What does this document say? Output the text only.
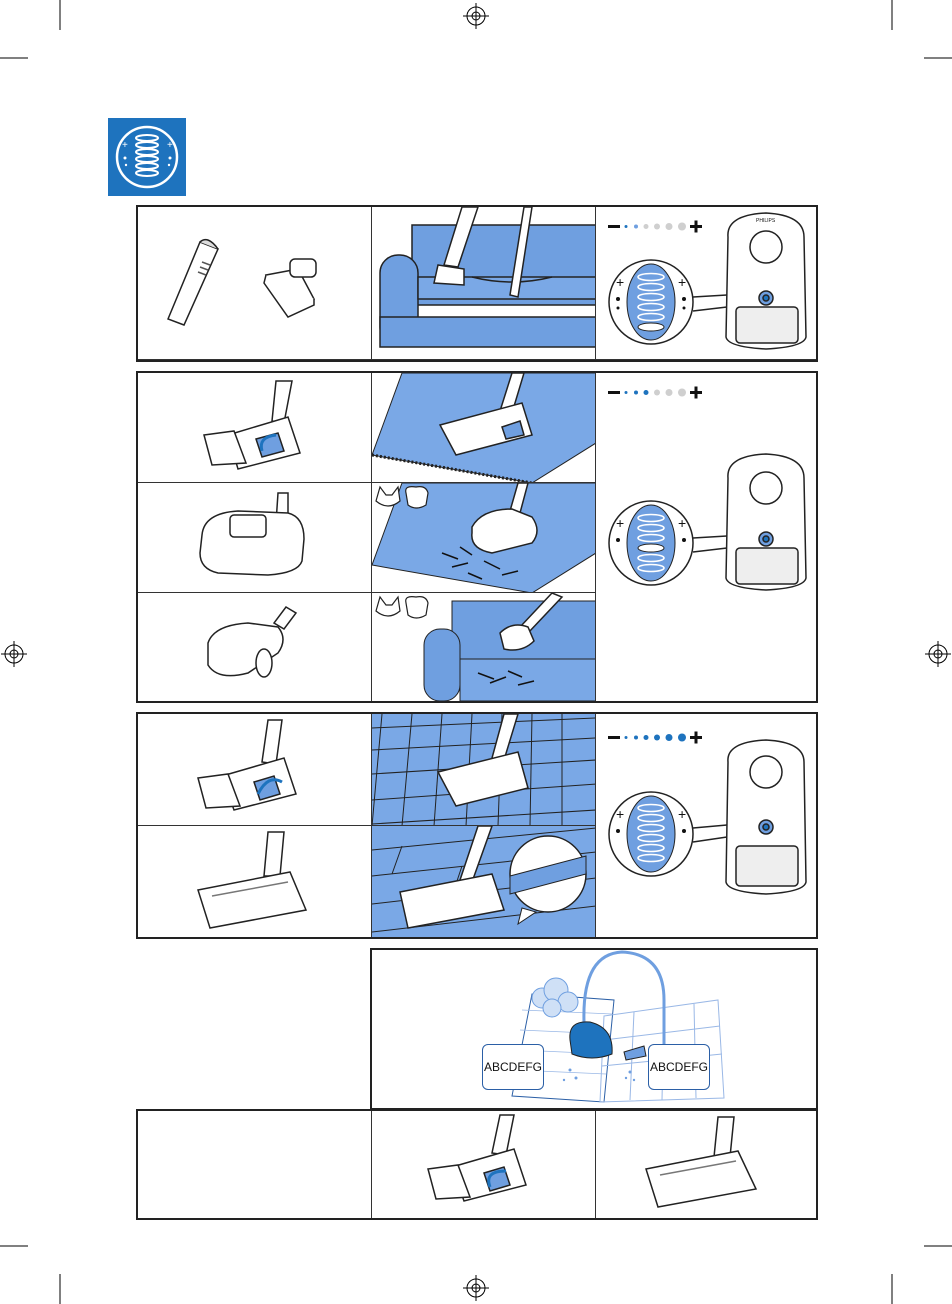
+	+
+	+
PHILIPS
+	+
+	+
ABCDEFG	ABCDEFG
